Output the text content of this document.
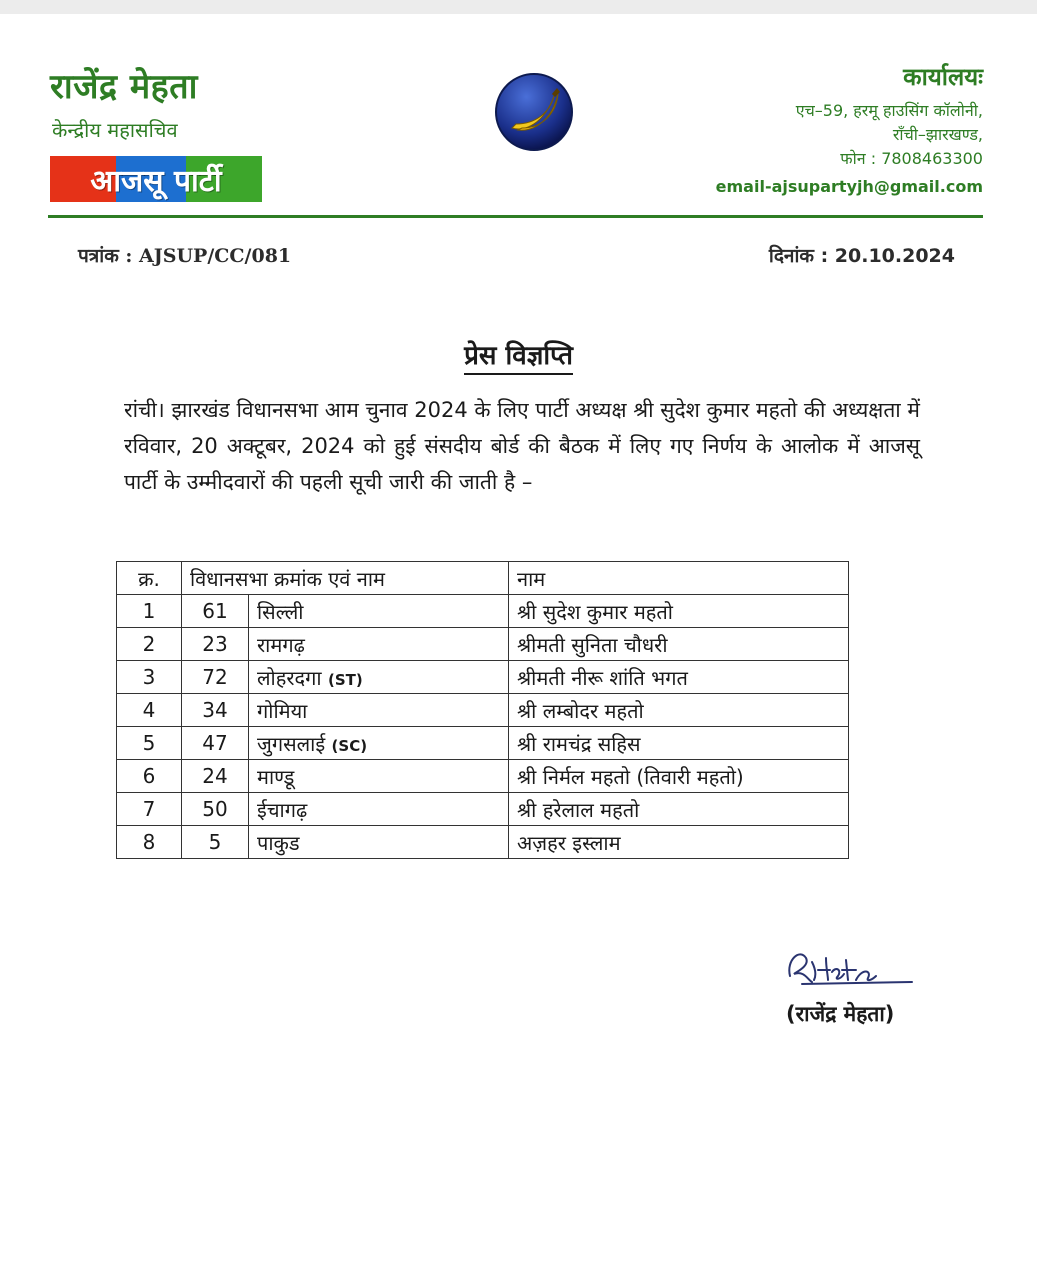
राजेंद्र मेहता
केन्द्रीय महासचिव
आजसू पार्टी
कार्यालयः
एच–59, हरमू हाउसिंग कॉलोनी,
राँची–झारखण्ड,
फोन : 7808463300
email-ajsupartyjh@gmail.com
पत्रांक : AJSUP/CC/081	दिनांक : 20.10.2024
प्रेस विज्ञप्ति
रांची। झारखंड विधानसभा आम चुनाव 2024 के लिए पार्टी अध्यक्ष श्री सुदेश कुमार महतो की अध्यक्षता में रविवार, 20 अक्टूबर, 2024 को हुई संसदीय बोर्ड की बैठक में लिए गए निर्णय के आलोक में आजसू पार्टी के उम्मीदवारों की पहली सूची जारी की जाती है –
क्र.	विधानसभा क्रमांक एवं नाम		नाम
1	61	सिल्ली	श्री सुदेश कुमार महतो
2	23	रामगढ़	श्रीमती सुनिता चौधरी
3	72	लोहरदगा (ST)	श्रीमती नीरू शांति भगत
4	34	गोमिया	श्री लम्बोदर महतो
5	47	जुगसलाई (SC)	श्री रामचंद्र सहिस
6	24	माण्डू	श्री निर्मल महतो (तिवारी महतो)
7	50	ईचागढ़	श्री हरेलाल महतो
8	5	पाकुड	अज़हर इस्लाम
(राजेंद्र मेहता)
